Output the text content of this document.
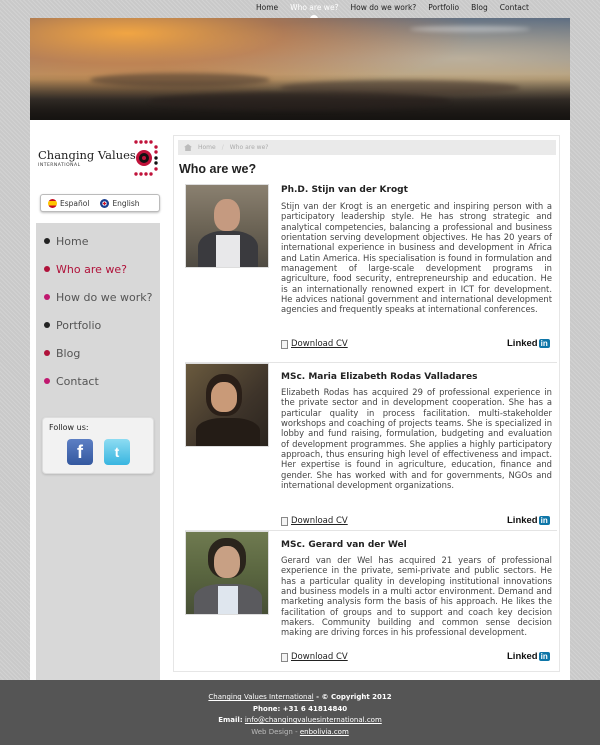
Home	Who are we?	How do we work?	Portfolio	Blog	Contact
Changing Values
INTERNATIONAL
Español	English
Home
Who are we?
How do we work?
Portfolio
Blog
Contact
Follow us:
f	t
Home / Who are we?
Who are we?
Ph.D. Stijn van der Krogt
Stijn van der Krogt is an energetic and inspiring person with a participatory leadership style. He has strong strategic and analytical competencies, balancing a professional and business orientation serving development objectives. He has 20 years of international experience in business and development in Africa and Latin America. His specialisation is found in formulation and management of large-scale development programs in agriculture, food security, entrepreneurship and education. He is an internationally renowned expert in ICT for development. He advices national government and international development agencies and frequently speaks at international conferences.
Download CV	Linked in
MSc. Maria Elizabeth Rodas Valladares
Elizabeth Rodas has acquired 29 of professional experience in the private sector and in development cooperation. She has a particular quality in process facilitation. multi-stakeholder workshops and coaching of projects teams. She is specialized in lobby and fund raising, formulation, budgeting and evaluation of development programmes. She applies a highly participatory approach, thus ensuring high level of effectiveness and impact. Her expertise is found in agriculture, education, finance and gender. She has worked with and for governments, NGOs and international development organizations.
Download CV	Linked in
MSc. Gerard van der Wel
Gerard van der Wel has acquired 21 years of professional experience in the private, semi-private and public sectors. He has a particular quality in developing institutional innovations and business models in a multi actor environment. Demand and marketing analysis form the basis of his approach. He likes the facilitation of groups and to support and coach key decision makers. Community building and common sense decision making are driving forces in his professional development.
Download CV	Linked in
Changing Values International - © Copyright 2012
Phone: +31 6 41814840
Email: info@changingvaluesinternational.com
Web Design - enbolivia.com
